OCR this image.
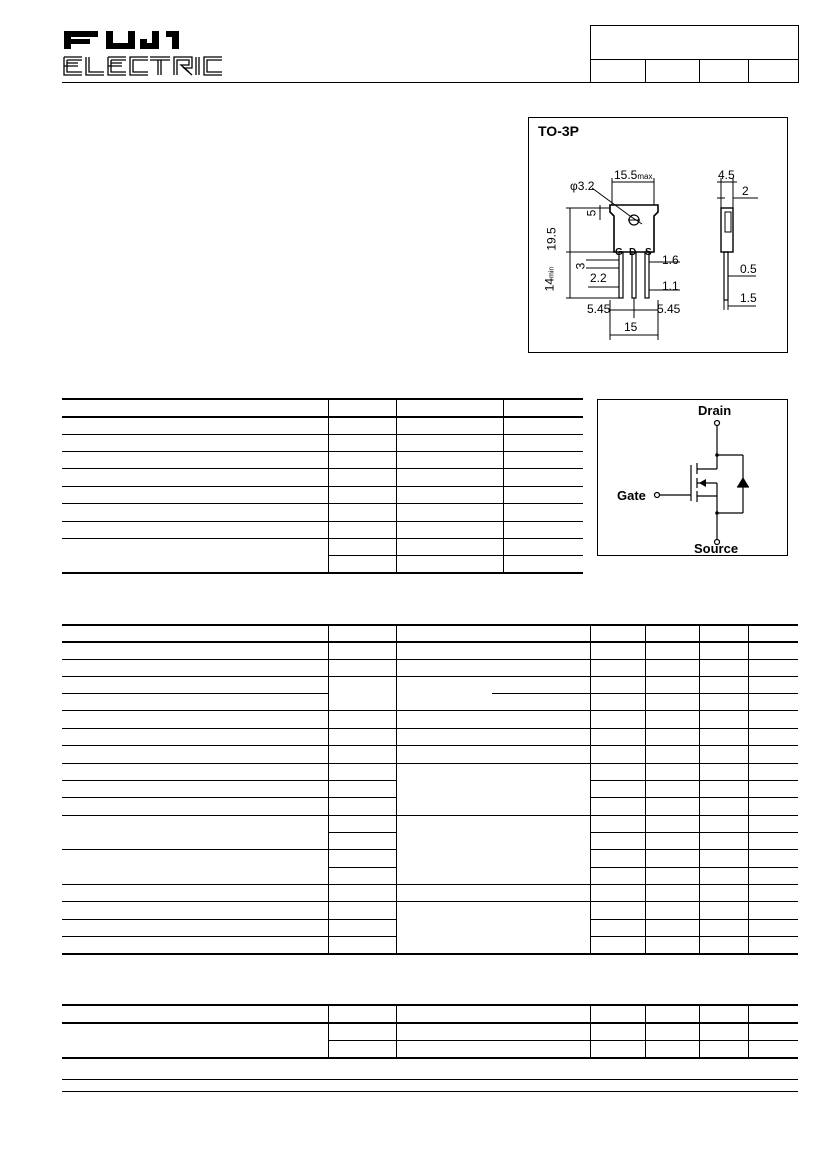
TO-3P
φ3.2
15.5max
5
19.5
3
14min	2.2
1.6
1.1
5.45	5.45
15
4.5
2
0.5
1.5
G D S
Drain
Gate
Source
